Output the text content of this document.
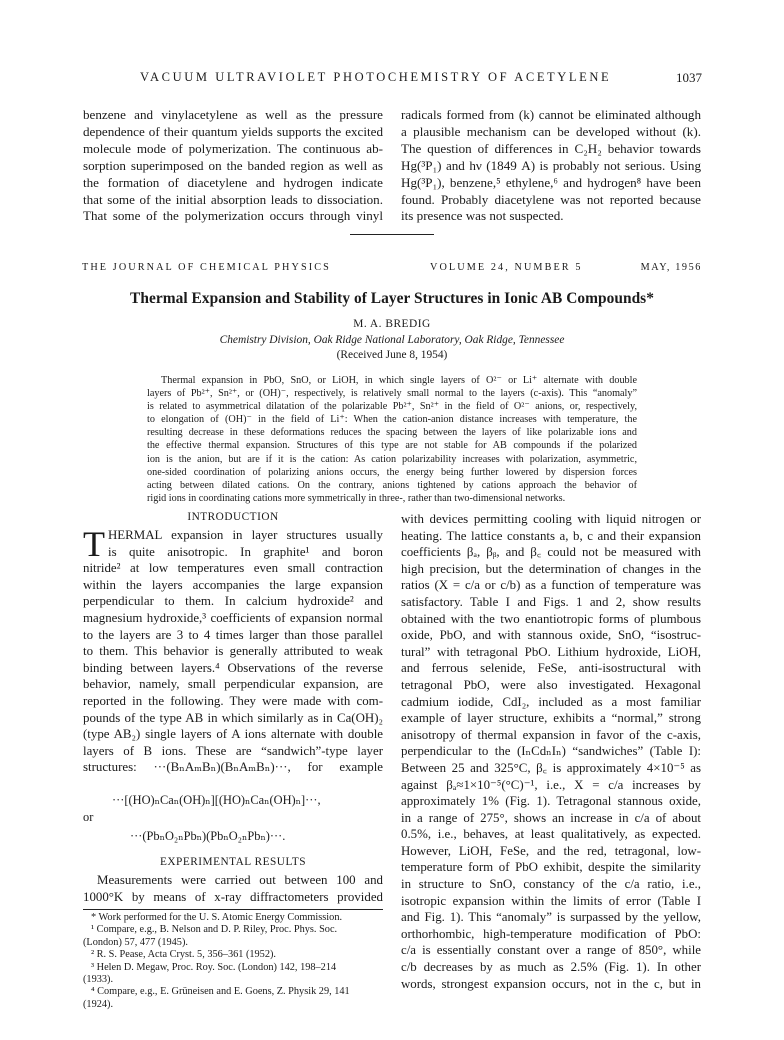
VACUUM ULTRAVIOLET PHOTOCHEMISTRY OF ACETYLENE	1037
benzene and vinylacetylene as well as the pressure
dependence of their quantum yields supports the excited
molecule mode of polymerization. The continuous ab-
sorption superimposed on the banded region as well as
the formation of diacetylene and hydrogen indicate
that some of the initial absorption leads to dissociation.
That some of the polymerization occurs through vinyl
radicals formed from (k) cannot be eliminated although
a plausible mechanism can be developed without (k).
The question of differences in C₂H₂ behavior towards
Hg(³P₁) and hν (1849 A) is probably not serious. Using
Hg(³P₁), benzene,⁵ ethylene,⁶ and hydrogen⁸ have been
found. Probably diacetylene was not reported because
its presence was not suspected.
THE JOURNAL OF CHEMICAL PHYSICS	VOLUME 24, NUMBER 5	MAY, 1956
Thermal Expansion and Stability of Layer Structures in Ionic AB Compounds*
M. A. BREDIG
Chemistry Division, Oak Ridge National Laboratory, Oak Ridge, Tennessee
(Received June 8, 1954)
Thermal expansion in PbO, SnO, or LiOH, in which single layers of O²⁻ or Li⁺ alternate with double
layers of Pb²⁺, Sn²⁺, or (OH)⁻, respectively, is relatively small normal to the layers (c-axis). This “anomaly”
is related to asymmetrical dilatation of the polarizable Pb²⁺, Sn²⁺ in the field of O²⁻ anions, or, respectively,
to elongation of (OH)⁻ in the field of Li⁺: When the cation-anion distance increases with temperature, the
resulting decrease in these deformations reduces the spacing between the layers of like polarizable ions and
the effective thermal expansion. Structures of this type are not stable for AB compounds if the polarized
ion is the anion, but are if it is the cation: As cation polarizability increases with polarization, asymmetric,
one-sided coordination of polarizing anions occurs, the energy being further lowered by dispersion forces
acting between dilated cations. On the contrary, anions tightened by cations approach the behavior of
rigid ions in coordinating cations more symmetrically in three-, rather than two-dimensional networks.
INTRODUCTION
T HERMAL expansion in layer structures usually
is quite anisotropic. In graphite¹ and boron
nitride² at low temperatures even small contraction
within the layers accompanies the large expansion
perpendicular to them. In calcium hydroxide² and
magnesium hydroxide,³ coefficients of expansion normal
to the layers are 3 to 4 times larger than those parallel
to them. This behavior is generally attributed to weak
binding between layers.⁴ Observations of the reverse
behavior, namely, small perpendicular expansion, are
reported in the following. They were made with com-
pounds of the type AB in which similarly as in Ca(OH)₂
(type AB₂) single layers of A ions alternate with double
layers of B ions. These are “sandwich”-type layer
structures: ···(BₙAₘBₙ)(BₙAₘBₙ)···, for example
···[(HO)ₙCaₙ(OH)ₙ][(HO)ₙCaₙ(OH)ₙ]···,
or
···(PbₙO₂ₙPbₙ)(PbₙO₂ₙPbₙ)···.
EXPERIMENTAL RESULTS
Measurements were carried out between 100 and
1000°K by means of x-ray diffractometers provided
* Work performed for the U. S. Atomic Energy Commission.
¹ Compare, e.g., B. Nelson and D. P. Riley, Proc. Phys. Soc.
(London) 57, 477 (1945).
² R. S. Pease, Acta Cryst. 5, 356–361 (1952).
³ Helen D. Megaw, Proc. Roy. Soc. (London) 142, 198–214
(1933).
⁴ Compare, e.g., E. Grüneisen and E. Goens, Z. Physik 29, 141
(1924).
with devices permitting cooling with liquid nitrogen or
heating. The lattice constants a, b, c and their expansion
coefficients βₐ, βᵦ, and β꜀ could not be measured with
high precision, but the determination of changes in the
ratios (X = c/a or c/b) as a function of temperature was
satisfactory. Table I and Figs. 1 and 2, show results
obtained with the two enantiotropic forms of plumbous
oxide, PbO, and with stannous oxide, SnO, “isostruc-
tural” with tetragonal PbO. Lithium hydroxide, LiOH,
and ferrous selenide, FeSe, anti-isostructural with
tetragonal PbO, were also investigated. Hexagonal
cadmium iodide, CdI₂, included as a most familiar
example of layer structure, exhibits a “normal,” strong
anisotropy of thermal expansion in favor of the c-axis,
perpendicular to the (IₙCdₙIₙ) “sandwiches” (Table I):
Between 25 and 325°C, β꜀ is approximately 4×10⁻⁵ as
against βₐ≈1×10⁻⁵(°C)⁻¹, i.e., X = c/a increases by
approximately 1% (Fig. 1). Tetragonal stannous oxide,
in a range of 275°, shows an increase in c/a of about
0.5%, i.e., behaves, at least qualitatively, as expected.
However, LiOH, FeSe, and the red, tetragonal, low-
temperature form of PbO exhibit, despite the similarity
in structure to SnO, constancy of the c/a ratio, i.e.,
isotropic expansion within the limits of error (Table I
and Fig. 1). This “anomaly” is surpassed by the yellow,
orthorhombic, high-temperature modification of PbO:
c/a is essentially constant over a range of 850°, while
c/b decreases by as much as 2.5% (Fig. 1). In other
words, strongest expansion occurs, not in the c, but in
